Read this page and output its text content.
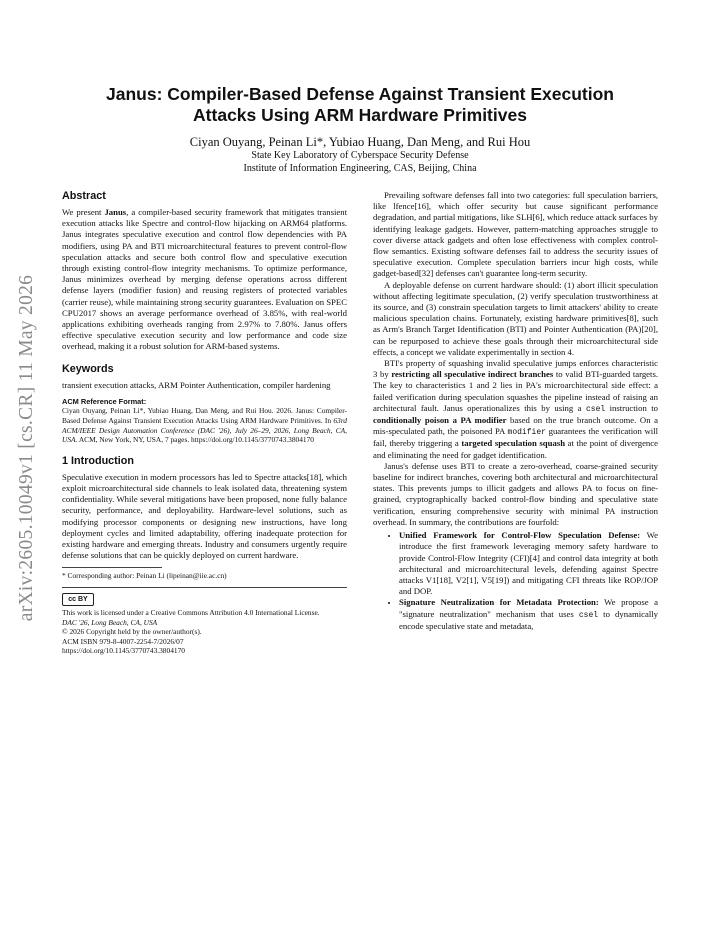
arXiv:2605.10049v1 [cs.CR] 11 May 2026
Janus: Compiler-Based Defense Against Transient Execution
Attacks Using ARM Hardware Primitives
Ciyan Ouyang, Peinan Li*, Yubiao Huang, Dan Meng, and Rui Hou
State Key Laboratory of Cyberspace Security Defense
Institute of Information Engineering, CAS, Beijing, China
Abstract

We present Janus, a compiler-based security framework that mitigates transient execution attacks like Spectre and control-flow hijacking on ARM64 platforms. Janus integrates speculative execution and control flow dependencies with PA modifiers, using PA and BTI microarchitectural features to prevent control-flow speculation attacks and secure both control flow and speculative execution through existing control-flow integrity mechanisms. To optimize performance, Janus minimizes overhead by merging defense operations across different defense layers (modifier fusion) and reusing registers of protected variables (carrier reuse), while maintaining strong security guarantees. Evaluation on SPEC CPU2017 shows an average performance overhead of 3.85%, with real-world applications exhibiting overheads ranging from 2.97% to 7.80%. Janus offers effective speculative execution security and low performance and code size overhead, making it a robust solution for ARM-based systems.

Keywords

transient execution attacks, ARM Pointer Authentication, compiler hardening

ACM Reference Format:

Ciyan Ouyang, Peinan Li*, Yubiao Huang, Dan Meng, and Rui Hou. 2026. Janus: Compiler-Based Defense Against Transient Execution Attacks Using ARM Hardware Primitives. In 63rd ACM/IEEE Design Automation Conference (DAC '26), July 26–29, 2026, Long Beach, CA, USA. ACM, New York, NY, USA, 7 pages. https://doi.org/10.1145/3770743.3804170

1 Introduction

Speculative execution in modern processors has led to Spectre attacks[18], which exploit microarchitectural side channels to leak isolated data, threatening system confidentiality. While several mitigations have been proposed, none fully balance security, performance, and deployability. Hardware-level solutions, such as modifying processor components or designing new instructions, have long deployment cycles and limited adaptability, offering inadequate protection for existing hardware and emerging threats. Industry and consumers urgently require defense solutions that can be quickly deployed on current hardware.

* Corresponding author: Peinan Li (lipeinan@iie.ac.cn)
cc BY
This work is licensed under a Creative Commons Attribution 4.0 International License.
DAC '26, Long Beach, CA, USA
© 2026 Copyright held by the owner/author(s).
ACM ISBN 979-8-4007-2254-7/2026/07
https://doi.org/10.1145/3770743.3804170

Prevailing software defenses fall into two categories: full speculation barriers, like lfence[16], which offer security but cause significant performance degradation, and partial mitigations, like SLH[6], which reduce attack surfaces by identifying leakage gadgets. However, pattern-matching approaches struggle to cover diverse attack gadgets and often lose effectiveness with complex control-flow semantics. Existing software defenses fail to address the security issues of speculative execution. Complete speculation barriers incur high costs, while gadget-based[32] defenses can't guarantee long-term security.

A deployable defense on current hardware should: (1) abort illicit speculation without affecting legitimate speculation, (2) verify speculation trustworthiness at its source, and (3) constrain speculation targets to limit attackers' ability to create malicious speculation chains. Fortunately, existing hardware primitives[8], such as Arm's Branch Target Identification (BTI) and Pointer Authentication (PA)[20], can be repurposed to achieve these goals through their microarchitectural side effects, a concept we validate experimentally in section 4.

BTI's property of squashing invalid speculative jumps enforces characteristic 3 by restricting all speculative indirect branches to valid BTI-guarded targets. The key to characteristics 1 and 2 lies in PA's microarchitectural side effect: a failed verification during speculation squashes the pipeline instead of raising an architectural fault. Janus operationalizes this by using a csel instruction to conditionally poison a PA modifier based on the true branch outcome. On a mis-speculated path, the poisoned PA modifier guarantees the verification will fail, thereby triggering a targeted speculation squash at the point of divergence and eliminating the need for gadget identification.

Janus's defense uses BTI to create a zero-overhead, coarse-grained security baseline for indirect branches, covering both architectural and microarchitectural states. This prevents jumps to illicit gadgets and allows PA to focus on fine-grained, cryptographically backed control-flow binding and speculative state verification, ensuring comprehensive security with minimal PA instruction overhead. In summary, the contributions are fourfold:

• Unified Framework for Control-Flow Speculation Defense: We introduce the first framework leveraging memory safety hardware to provide Control-Flow Integrity (CFI)[4] and control data integrity at both architectural and microarchitectural levels, defending against Spectre attacks V1[18], V2[1], V5[19]) and mitigating CFI threats like ROP/JOP and DOP.
• Signature Neutralization for Metadata Protection: We propose a "signature neutralization" mechanism that uses csel to dynamically encode speculative state and metadata,
